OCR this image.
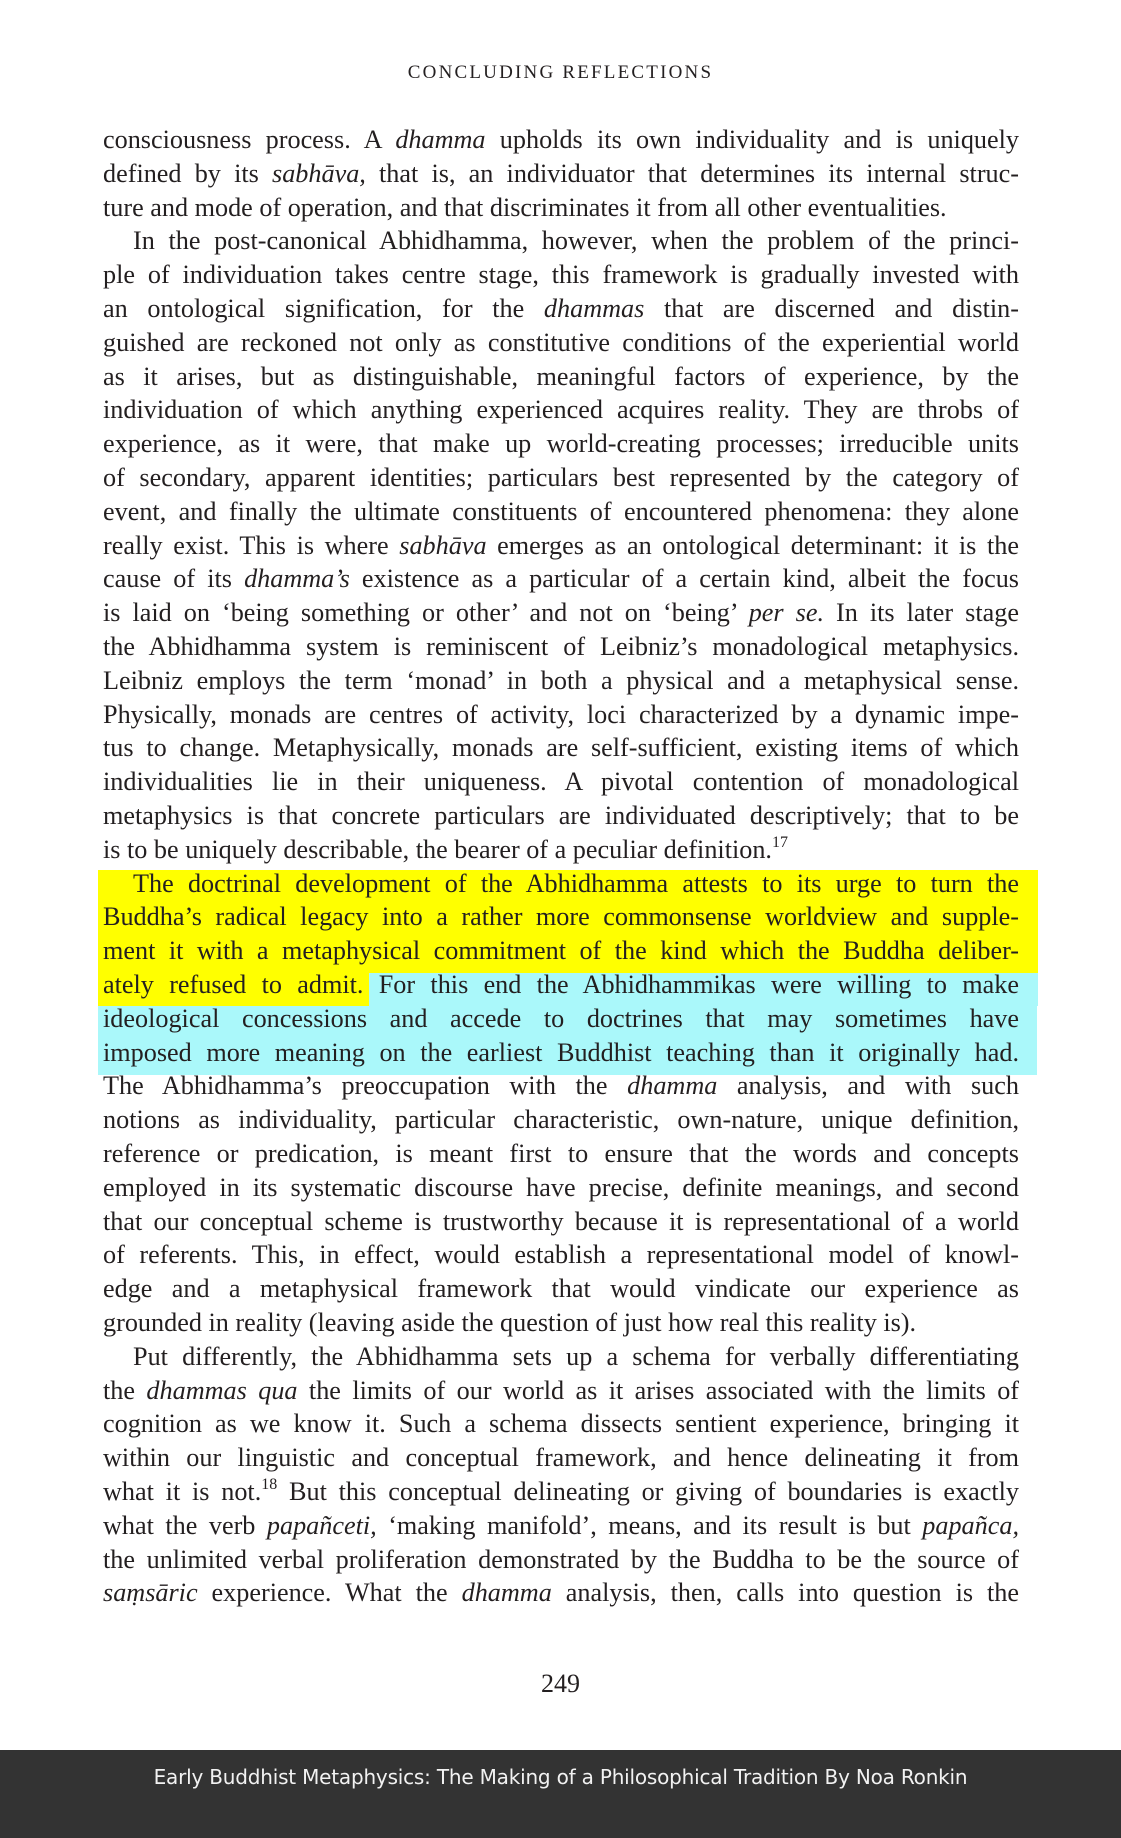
CONCLUDING REFLECTIONS
consciousness process. A dhamma upholds its own individuality and is uniquely
defined by its sabhāva, that is, an individuator that determines its internal struc-
ture and mode of operation, and that discriminates it from all other eventualities.
In the post-canonical Abhidhamma, however, when the problem of the princi-
ple of individuation takes centre stage, this framework is gradually invested with
an ontological signification, for the dhammas that are discerned and distin-
guished are reckoned not only as constitutive conditions of the experiential world
as it arises, but as distinguishable, meaningful factors of experience, by the
individuation of which anything experienced acquires reality. They are throbs of
experience, as it were, that make up world-creating processes; irreducible units
of secondary, apparent identities; particulars best represented by the category of
event, and finally the ultimate constituents of encountered phenomena: they alone
really exist. This is where sabhāva emerges as an ontological determinant: it is the
cause of its dhamma’s existence as a particular of a certain kind, albeit the focus
is laid on ‘being something or other’ and not on ‘being’ per se. In its later stage
the Abhidhamma system is reminiscent of Leibniz’s monadological metaphysics.
Leibniz employs the term ‘monad’ in both a physical and a metaphysical sense.
Physically, monads are centres of activity, loci characterized by a dynamic impe-
tus to change. Metaphysically, monads are self-sufficient, existing items of which
individualities lie in their uniqueness. A pivotal contention of monadological
metaphysics is that concrete particulars are individuated descriptively; that to be
is to be uniquely describable, the bearer of a peculiar definition.$^{17}$
The doctrinal development of the Abhidhamma attests to its urge to turn the
Buddha’s radical legacy into a rather more commonsense worldview and supple-
ment it with a metaphysical commitment of the kind which the Buddha deliber-
ately refused to admit. For this end the Abhidhammikas were willing to make
ideological concessions and accede to doctrines that may sometimes have
imposed more meaning on the earliest Buddhist teaching than it originally had.
The Abhidhamma’s preoccupation with the dhamma analysis, and with such
notions as individuality, particular characteristic, own-nature, unique definition,
reference or predication, is meant first to ensure that the words and concepts
employed in its systematic discourse have precise, definite meanings, and second
that our conceptual scheme is trustworthy because it is representational of a world
of referents. This, in effect, would establish a representational model of knowl-
edge and a metaphysical framework that would vindicate our experience as
grounded in reality (leaving aside the question of just how real this reality is).
Put differently, the Abhidhamma sets up a schema for verbally differentiating
the dhammas qua the limits of our world as it arises associated with the limits of
cognition as we know it. Such a schema dissects sentient experience, bringing it
within our linguistic and conceptual framework, and hence delineating it from
what it is not.$^{18}$ But this conceptual delineating or giving of boundaries is exactly
what the verb papañceti, ‘making manifold’, means, and its result is but papañca,
the unlimited verbal proliferation demonstrated by the Buddha to be the source of
saṃsāric experience. What the dhamma analysis, then, calls into question is the
249
Early Buddhist Metaphysics: The Making of a Philosophical Tradition By Noa Ronkin
